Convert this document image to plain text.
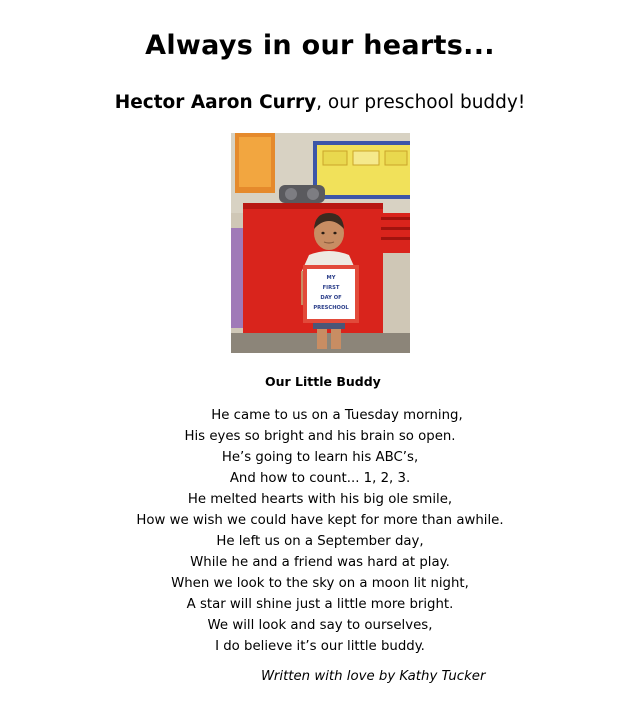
Always in our hearts...
Hector Aaron Curry, our preschool buddy!
MY
FIRST
DAY OF
PRESCHOOL
Our Little Buddy
He came to us on a Tuesday morning,
His eyes so bright and his brain so open.
He’s going to learn his ABC’s,
And how to count... 1, 2, 3.
He melted hearts with his big ole smile,
How we wish we could have kept for more than awhile.
He left us on a September day,
While he and a friend was hard at play.
When we look to the sky on a moon lit night,
A star will shine just a little more bright.
We will look and say to ourselves,
I do believe it’s our little buddy.
Written with love by Kathy Tucker
